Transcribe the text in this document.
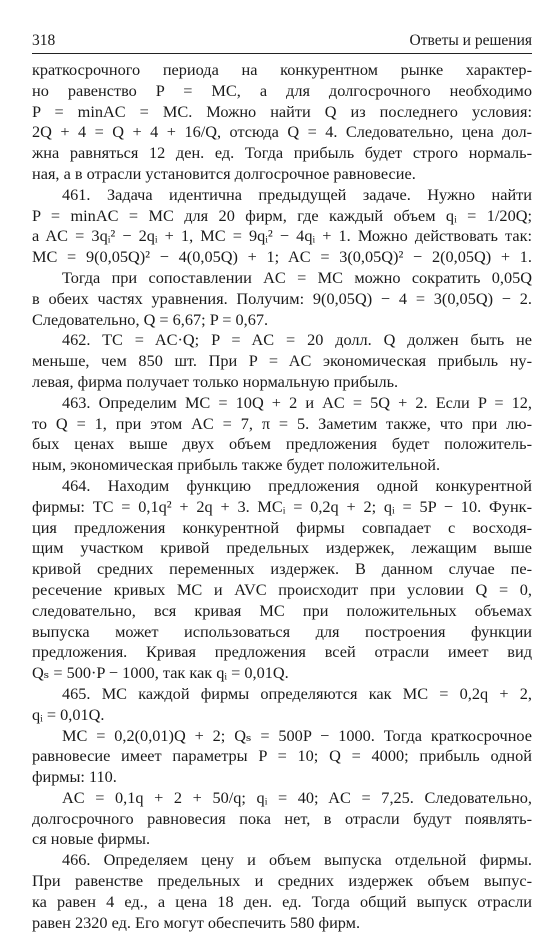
318	Ответы и решения
краткосрочного периода на конкурентном рынке характер-
но равенство P = MC, а для долгосрочного необходимо
P = minAC = MC. Можно найти Q из последнего условия:
2Q + 4 = Q + 4 + 16/Q, отсюда Q = 4. Следовательно, цена дол-
жна равняться 12 ден. ед. Тогда прибыль будет строго нормаль-
ная, а в отрасли установится долгосрочное равновесие.
461. Задача идентична предыдущей задаче. Нужно найти
P = minAC = MC для 20 фирм, где каждый объем qᵢ = 1/20Q;
a AC = 3qᵢ² − 2qᵢ + 1, MC = 9qᵢ² − 4qᵢ + 1. Можно действовать так:
MC = 9(0,05Q)² − 4(0,05Q) + 1; AC = 3(0,05Q)² − 2(0,05Q) + 1.
Тогда при сопоставлении AC = MC можно сократить 0,05Q
в обеих частях уравнения. Получим: 9(0,05Q) − 4 = 3(0,05Q) − 2.
Следовательно, Q = 6,67; P = 0,67.
462. TC = AC·Q; P = AC = 20 долл. Q должен быть не
меньше, чем 850 шт. При P = AC экономическая прибыль ну-
левая, фирма получает только нормальную прибыль.
463. Определим MC = 10Q + 2 и AC = 5Q + 2. Если P = 12,
то Q = 1, при этом AC = 7, π = 5. Заметим также, что при лю-
бых ценах выше двух объем предложения будет положитель-
ным, экономическая прибыль также будет положительной.
464. Находим функцию предложения одной конкурентной
фирмы: TC = 0,1q² + 2q + 3. MCᵢ = 0,2q + 2; qᵢ = 5P − 10. Функ-
ция предложения конкурентной фирмы совпадает с восходя-
щим участком кривой предельных издержек, лежащим выше
кривой средних переменных издержек. В данном случае пе-
ресечение кривых MC и AVC происходит при условии Q = 0,
следовательно, вся кривая MC при положительных объемах
выпуска может использоваться для построения функции
предложения. Кривая предложения всей отрасли имеет вид
Qₛ = 500·P − 1000, так как qᵢ = 0,01Q.
465. MC каждой фирмы определяются как MC = 0,2q + 2,
qᵢ = 0,01Q.
MC = 0,2(0,01)Q + 2; Qₛ = 500P − 1000. Тогда краткосрочное
равновесие имеет параметры P = 10; Q = 4000; прибыль одной
фирмы: 110.
AC = 0,1q + 2 + 50/q; qᵢ = 40; AC = 7,25. Следовательно,
долгосрочного равновесия пока нет, в отрасли будут появлять-
ся новые фирмы.
466. Определяем цену и объем выпуска отдельной фирмы.
При равенстве предельных и средних издержек объем выпус-
ка равен 4 ед., а цена 18 ден. ед. Тогда общий выпуск отрасли
равен 2320 ед. Его могут обеспечить 580 фирм.
